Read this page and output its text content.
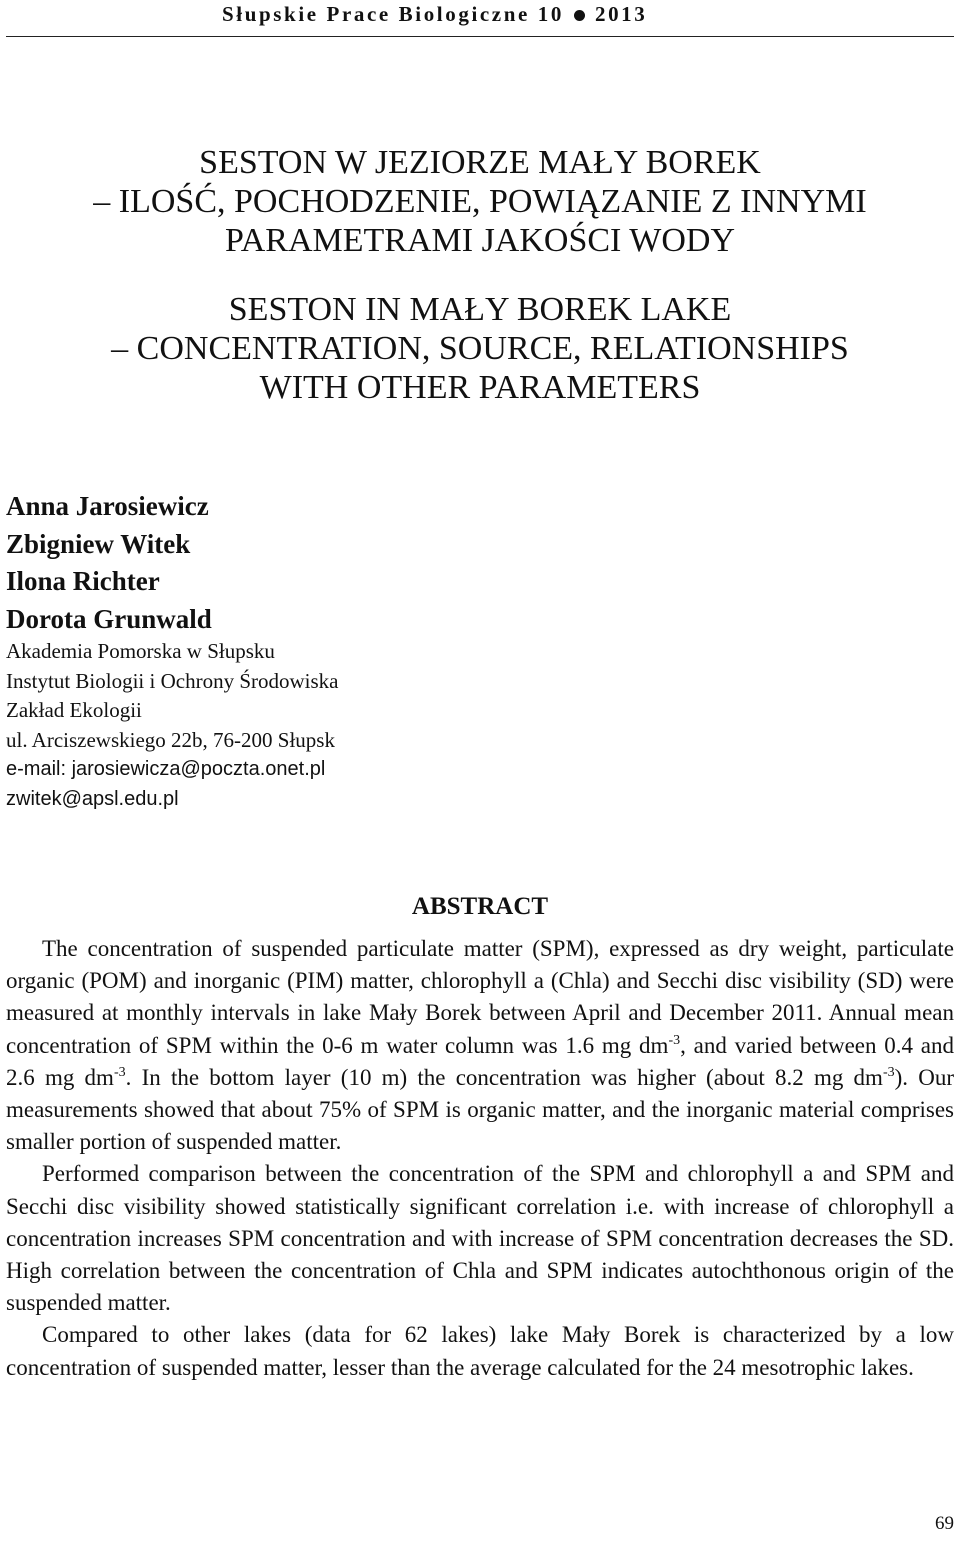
Słupskie Prace Biologiczne 10 2013
SESTON W JEZIORZE MAŁY BOREK
– ILOŚĆ, POCHODZENIE, POWIĄZANIE Z INNYMI
PARAMETRAMI JAKOŚCI WODY
SESTON IN MAŁY BOREK LAKE
– CONCENTRATION, SOURCE, RELATIONSHIPS
WITH OTHER PARAMETERS
Anna Jarosiewicz
Zbigniew Witek
Ilona Richter
Dorota Grunwald
Akademia Pomorska w Słupsku
Instytut Biologii i Ochrony Środowiska
Zakład Ekologii
ul. Arciszewskiego 22b, 76-200 Słupsk
e-mail: jarosiewicza@poczta.onet.pl
zwitek@apsl.edu.pl
ABSTRACT

The concentration of suspended particulate matter (SPM), expressed as dry weight, particulate organic (POM) and inorganic (PIM) matter, chlorophyll a (Chla) and Secchi disc visibility (SD) were measured at monthly intervals in lake Mały Borek between April and December 2011. Annual mean concentration of SPM within the 0-6 m water column was 1.6 mg $dm^{-3}$, and varied between 0.4 and 2.6 mg $dm^{-3}$. In the bottom layer (10 m) the concentration was higher (about 8.2 mg $dm^{-3}$). Our measurements showed that about 75% of SPM is organic matter, and the inorganic material comprises smaller portion of suspended matter.

Performed comparison between the concentration of the SPM and chlorophyll a and SPM and Secchi disc visibility showed statistically significant correlation i.e. with increase of chlorophyll a concentration increases SPM concentration and with increase of SPM concentration decreases the SD. High correlation between the concentration of Chla and SPM indicates autochthonous origin of the suspended matter.

Compared to other lakes (data for 62 lakes) lake Mały Borek is characterized by a low concentration of suspended matter, lesser than the average calculated for the 24 mesotrophic lakes.

69
